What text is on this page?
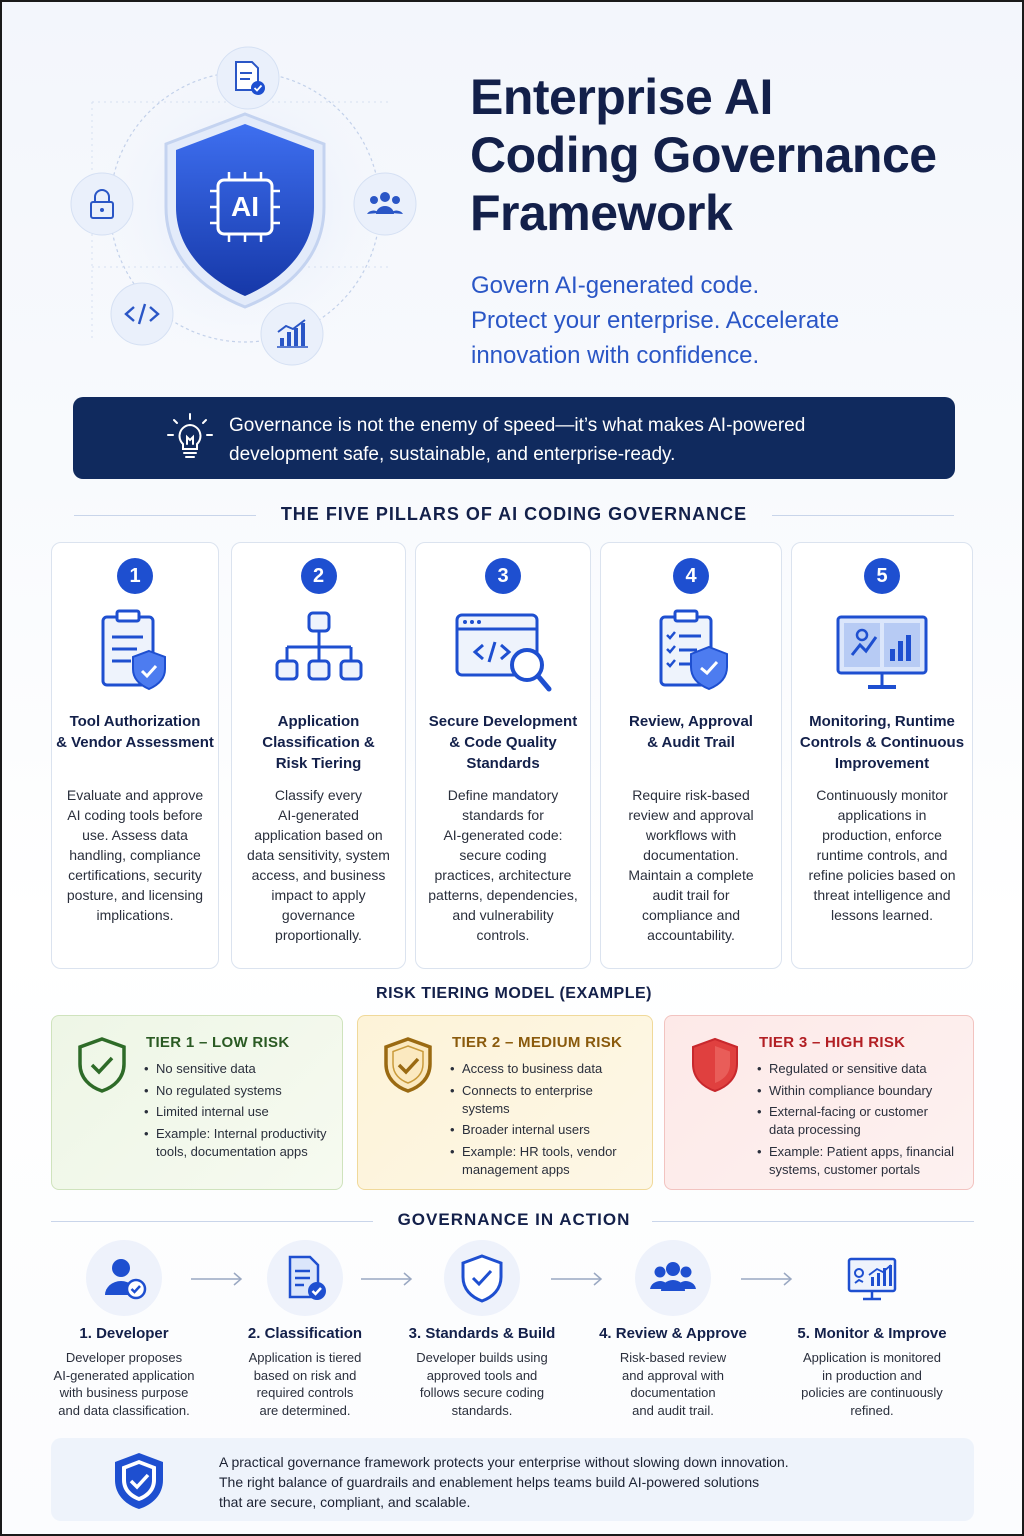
AI
Enterprise AI
Coding Governance
Framework
Govern AI-generated code.
Protect your enterprise. Accelerate
innovation with confidence.
Governance is not the enemy of speed—it’s what makes AI-powered
development safe, sustainable, and enterprise-ready.
THE FIVE PILLARS OF AI CODING GOVERNANCE
1
Tool Authorization
& Vendor Assessment
Evaluate and approve
AI coding tools before
use. Assess data
handling, compliance
certifications, security
posture, and licensing
implications.
2
Application
Classification &
Risk Tiering
Classify every
AI-generated
application based on
data sensitivity, system
access, and business
impact to apply
governance
proportionally.
3
Secure Development
& Code Quality
Standards
Define mandatory
standards for
AI-generated code:
secure coding
practices, architecture
patterns, dependencies,
and vulnerability
controls.
4
Review, Approval
& Audit Trail
Require risk-based
review and approval
workflows with
documentation.
Maintain a complete
audit trail for
compliance and
accountability.
5
Monitoring, Runtime
Controls & Continuous
Improvement
Continuously monitor
applications in
production, enforce
runtime controls, and
refine policies based on
threat intelligence and
lessons learned.
RISK TIERING MODEL (EXAMPLE)
TIER 1 – LOW RISK
• No sensitive data
• No regulated systems
• Limited internal use
• Example: Internal productivity tools, documentation apps
TIER 2 – MEDIUM RISK
• Access to business data
• Connects to enterprise systems
• Broader internal users
• Example: HR tools, vendor management apps
TIER 3 – HIGH RISK
• Regulated or sensitive data
• Within compliance boundary
• External-facing or customer data processing
• Example: Patient apps, financial systems, customer portals
GOVERNANCE IN ACTION
1. Developer
Developer proposes
AI-generated application
with business purpose
and data classification.
2. Classification
Application is tiered
based on risk and
required controls
are determined.
3. Standards & Build
Developer builds using
approved tools and
follows secure coding
standards.
4. Review & Approve
Risk-based review
and approval with
documentation
and audit trail.
5. Monitor & Improve
Application is monitored
in production and
policies are continuously
refined.
A practical governance framework protects your enterprise without slowing down innovation.
The right balance of guardrails and enablement helps teams build AI-powered solutions
that are secure, compliant, and scalable.
